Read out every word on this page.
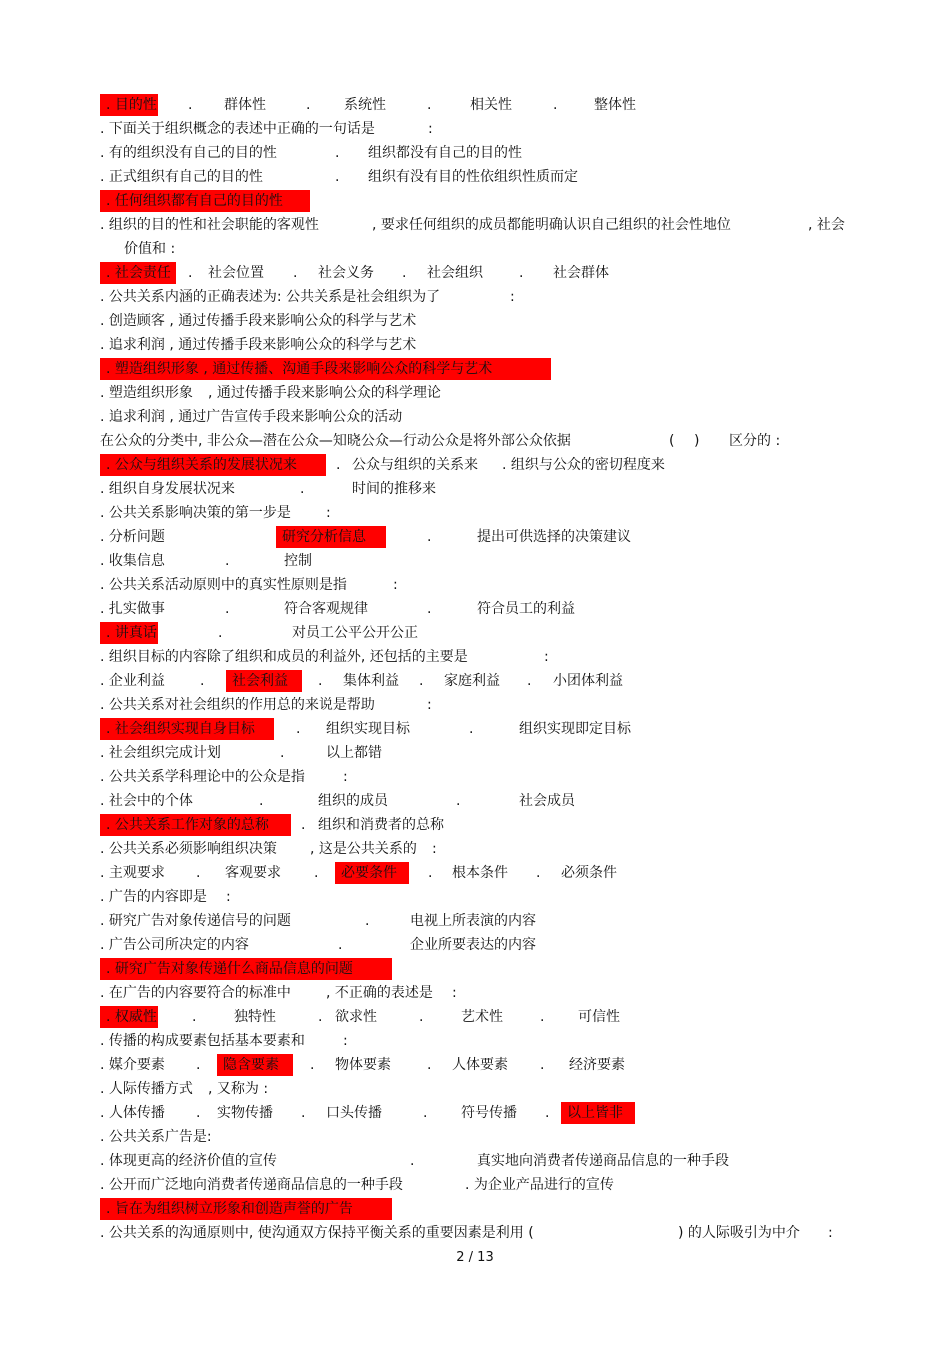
. 目的性 . 群体性	. 系统性	.	相关性	.	整体性
. 下面关于组织概念的表述中正确的一句话是	:
. 有的组织没有自己的目的性	. 组织都没有自己的目的性
. 正式组织有自己的目的性	. 组织有没有目的性依组织性质而定
. 任何组织都有自己的目的性
. 组织的目的性和社会职能的客观性	, 要求任何组织的成员都能明确认识自己组织的社会性地位	, 社会
价值和 :
. 社会责任 . 社会位置 . 社会义务 . 社会组织	. 社会群体
. 公共关系内涵的正确表述为: 公共关系是社会组织为了	:
. 创造顾客 , 通过传播手段来影响公众的科学与艺术
. 追求利润 , 通过传播手段来影响公众的科学与艺术
. 塑造组织形象 , 通过传播、沟通手段来影响公众的科学与艺术
. 塑造组织形象 , 通过传播手段来影响公众的科学理论
. 追求利润 , 通过广告宣传手段来影响公众的活动
在公众的分类中, 非公众—潜在公众—知晓公众—行动公众是将外部公众依据	( ) 区分的 :
. 公众与组织关系的发展状况来	. 公众与组织的关系来 . 组织与公众的密切程度来
. 组织自身发展状况来	.	时间的推移来
. 公共关系影响决策的第一步是	:
. 分析问题	研究分析信息	.	提出可供选择的决策建议
. 收集信息	.	控制
. 公共关系活动原则中的真实性原则是指	:
. 扎实做事	.	符合客观规律	.	符合员工的利益
. 讲真话	.	对员工公平公开公正
. 组织目标的内容除了组织和成员的利益外, 还包括的主要是	:
. 企业利益	. 社会利益 . 集体利益 . 家庭利益 . 小团体利益
. 公共关系对社会组织的作用总的来说是帮助	:
. 社会组织实现自身目标	. 组织实现目标	.	组织实现即定目标
. 社会组织完成计划	.	以上都错
. 公共关系学科理论中的公众是指	:
. 社会中的个体	.	组织的成员	.	社会成员
. 公共关系工作对象的总称 . 组织和消费者的总称
. 公共关系必须影响组织决策 , 这是公共关系的 :
. 主观要求 . 客观要求 . 必要条件 . 根本条件 . 必须条件
. 广告的内容即是 :
. 研究广告对象传递信号的问题	.	电视上所表演的内容
. 广告公司所决定的内容	.	企业所要表达的内容
. 研究广告对象传递什么商品信息的问题
. 在广告的内容要符合的标准中	, 不正确的表述是 :
. 权威性	.	独特性	. 欲求性	.	艺术性	. 可信性
. 传播的构成要素包括基本要素和	:
. 媒介要素 . 隐含要素 . 物体要素	. 人体要素 . 经济要素
. 人际传播方式 , 又称为 :
. 人体传播 . 实物传播 . 口头传播	. 符号传播 . 以上皆非
. 公共关系广告是:
. 体现更高的经济价值的宣传	.	真实地向消费者传递商品信息的一种手段
. 公开而广泛地向消费者传递商品信息的一种手段	. 为企业产品进行的宣传
. 旨在为组织树立形象和创造声誉的广告
. 公共关系的沟通原则中, 使沟通双方保持平衡关系的重要因素是利用 (	) 的人际吸引为中介 :
2 / 13
